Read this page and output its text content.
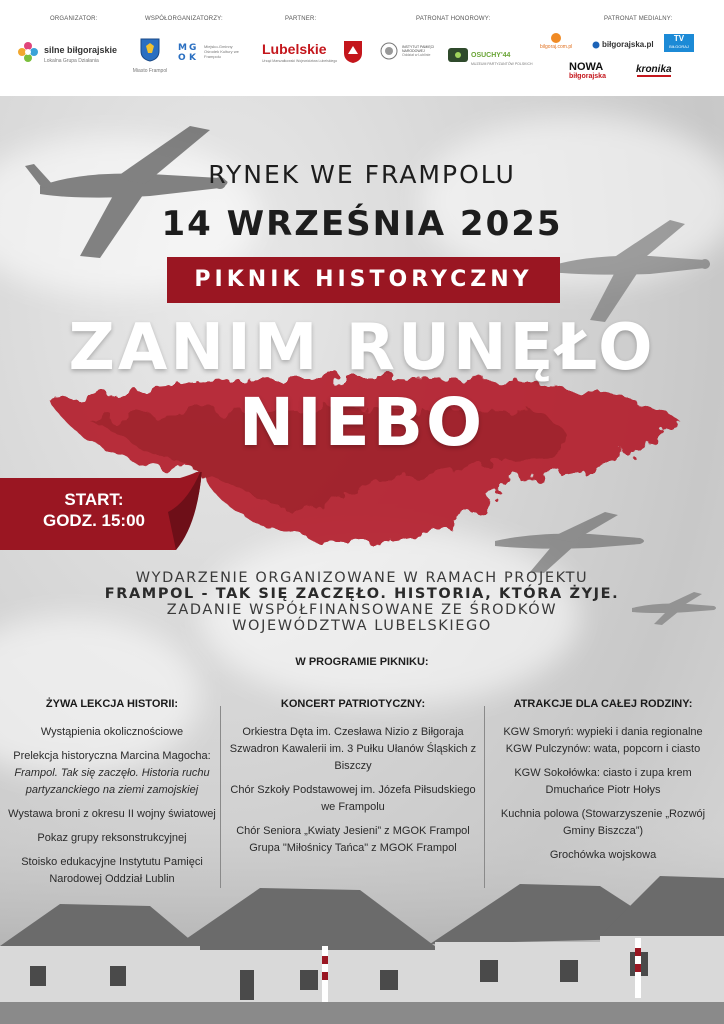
ORGANIZATOR:	WSPÓŁORGANIZATORZY:	PARTNER:	PATRONAT HONOROWY:	PATRONAT MEDIALNY:
silne biłgorajskie
Lokalna Grupa Działania
Miasto Frampol
M G
O K
Miejsko-Gminny Ośrodek Kultury we Frampolu	Lubelskie
Urząd Marszałkowski Województwa Lubelskiego
INSTYTUT PAMIĘCI NARODOWEJ
Oddział w Lublinie	OSUCHY'44
MUZEUM PARTYZANTÓW POLSKICH
bilgoraj.com.pl	biłgorajska.pl
TV
BIŁGORAJ
NOWA
biłgorajska
kronika
RYNEK WE FRAMPOLU
14 WRZEŚNIA 2025
PIKNIK HISTORYCZNY
ZANIM RUNĘŁO
NIEBO
START:
GODZ. 15:00
WYDARZENIE ORGANIZOWANE W RAMACH PROJEKTU
FRAMPOL - TAK SIĘ ZACZĘŁO. HISTORIA, KTÓRA ŻYJE.
ZADANIE WSPÓŁFINANSOWANE ZE ŚRODKÓW
WOJEWÓDZTWA LUBELSKIEGO
W PROGRAMIE PIKNIKU:
ŻYWA LEKCJA HISTORII:

Wystąpienia okolicznościowe

Prelekcja historyczna Marcina Magocha: Frampol. Tak się zaczęło. Historia ruchu partyzanckiego na ziemi zamojskiej

Wystawa broni z okresu II wojny światowej

Pokaz grupy reksonstrukcyjnej

Stoisko edukacyjne Instytutu Pamięci Narodowej Oddział Lublin

KONCERT PATRIOTYCZNY:

Orkiestra Dęta im. Czesława Nizio z Biłgoraja

Szwadron Kawalerii im. 3 Pułku Ułanów Śląskich z Biszczy

Chór Szkoły Podstawowej im. Józefa Piłsudskiego we Frampolu

Chór Seniora „Kwiaty Jesieni” z MGOK Frampol

Grupa "Miłośnicy Tańca" z MGOK Frampol

ATRAKCJE DLA CAŁEJ RODZINY:

KGW Smoryń: wypieki i dania regionalne

KGW Pulczynów: wata, popcorn i ciasto

KGW Sokołówka: ciasto i zupa krem

Dmuchańce Piotr Hołys

Kuchnia polowa (Stowarzyszenie „Rozwój Gminy Biszcza”)

Grochówka wojskowa
